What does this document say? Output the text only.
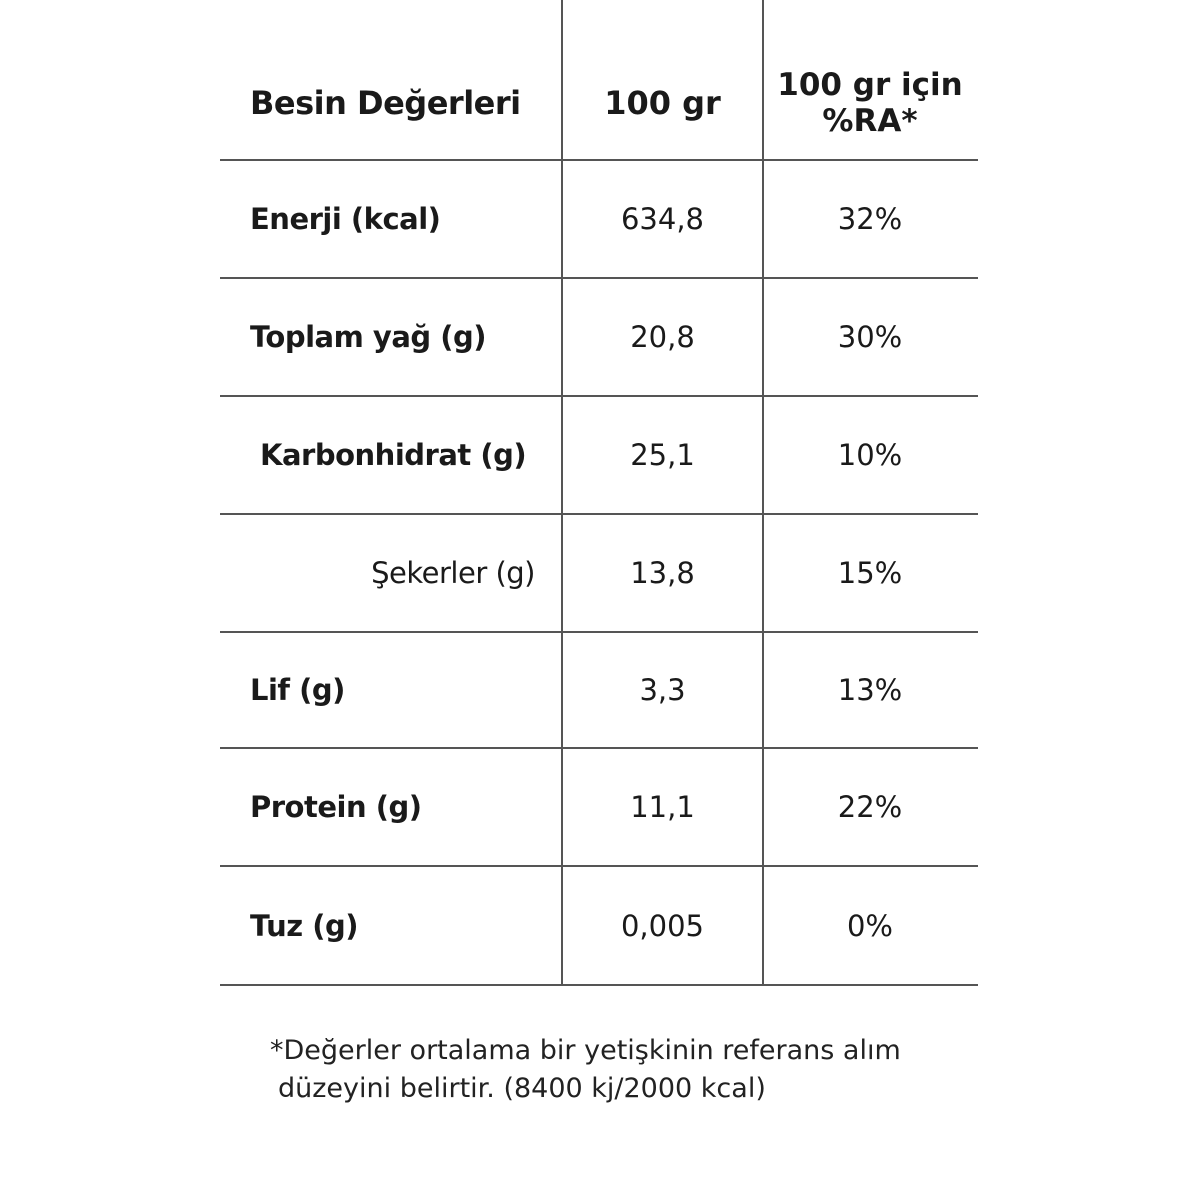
Besin Değerleri	100 gr	100 gr için
%RA*
Enerji (kcal)	634,8	32%
Toplam yağ (g)	20,8	30%
Karbonhidrat (g)	25,1	10%
Şekerler (g)	13,8	15%
Lif (g)	3,3	13%
Protein (g)	11,1	22%
Tuz (g)	0,005	0%
*Değerler ortalama bir yetişkinin referans alım
düzeyini belirtir. (8400 kj/2000 kcal)
